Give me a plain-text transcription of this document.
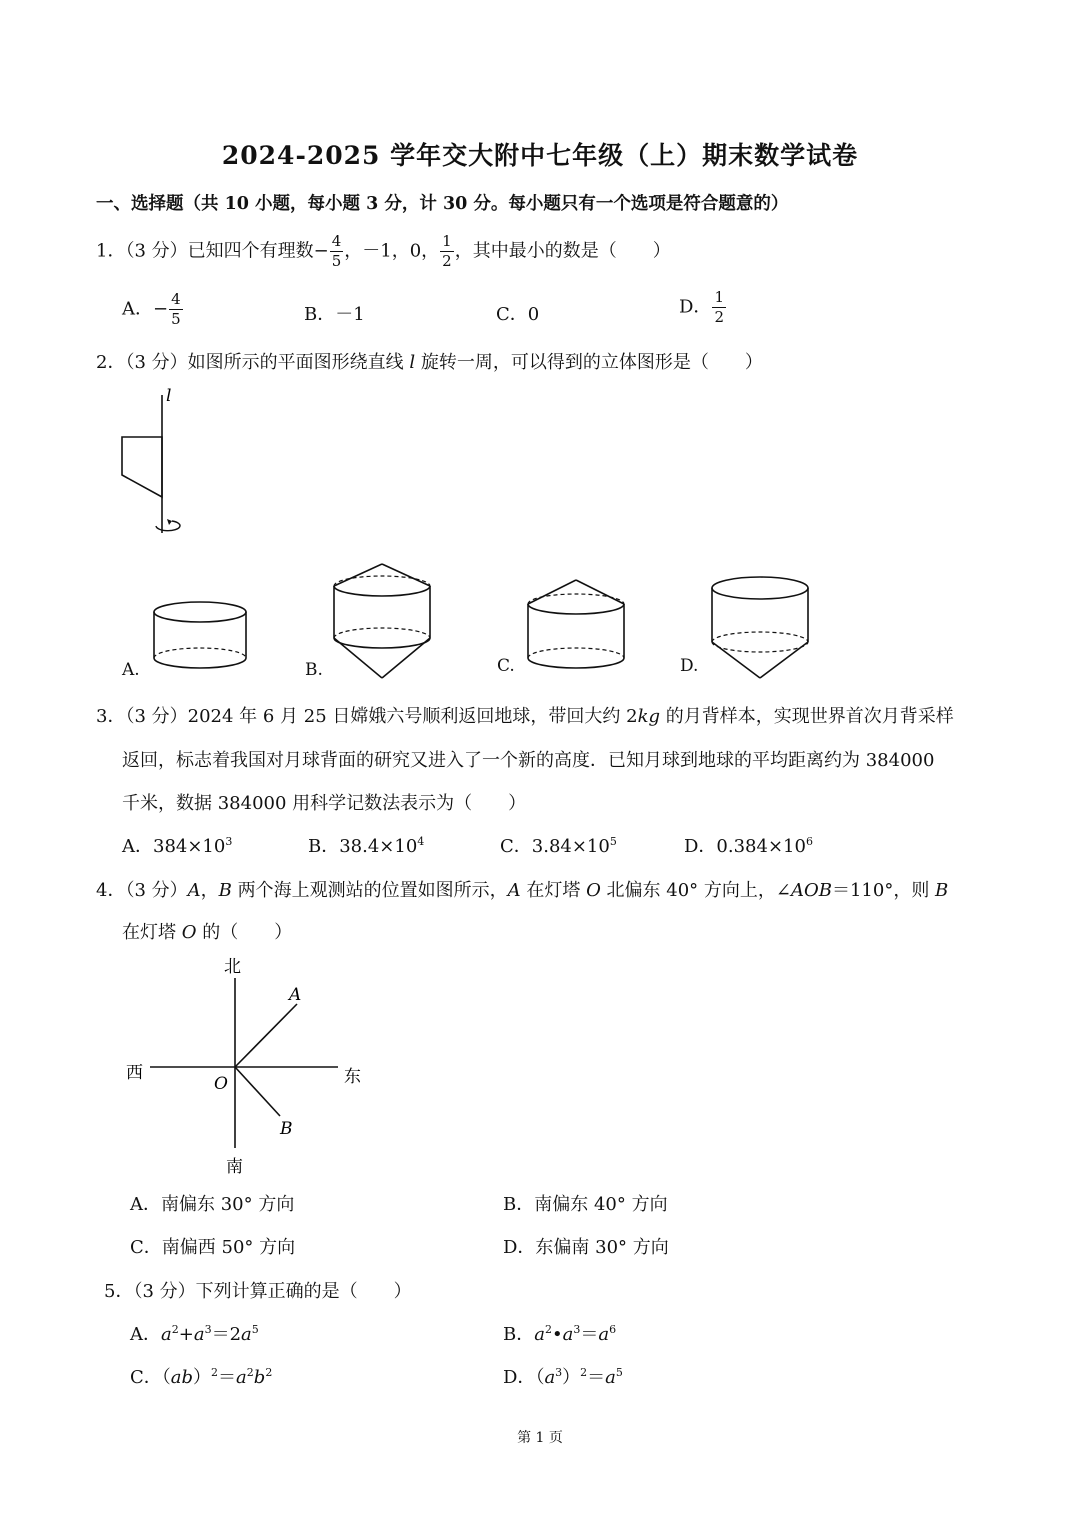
2024-2025 学年交大附中七年级（上）期末数学试卷
一、选择题（共 10 小题，每小题 3 分，计 30 分。每小题只有一个选项是符合题意的）
1．（3 分）已知四个有理数− $\frac{4}{5}$ ，－1，0， $\frac{1}{2}$ ，其中最小的数是（　　）
A．− $\frac{4}{5}$	B．－1	C．0	D． $\frac{1}{2}$
2．（3 分）如图所示的平面图形绕直线 l 旋转一周，可以得到的立体图形是（　　）
l
A.	B.	C.	D.
3．（3 分）2024 年 6 月 25 日嫦娥六号顺利返回地球，带回大约 2kg 的月背样本，实现世界首次月背采样
返回，标志着我国对月球背面的研究又进入了一个新的高度．已知月球到地球的平均距离约为 384000
千米，数据 384000 用科学记数法表示为（　　）
A．$384\times 10^3$	B．$38.4\times 10^4$	C．$3.84\times 10^5$	D．$0.384\times 10^6$
4．（3 分）A，B 两个海上观测站的位置如图所示，A 在灯塔 O 北偏东 40° 方向上，∠AOB＝110°，则 B
在灯塔 O 的（　　）
北
南
西	东
A
B
O
A．南偏东 30° 方向	B．南偏东 40° 方向
C．南偏西 50° 方向	D．东偏南 30° 方向
5．（3 分）下列计算正确的是（　　）
A．$a^2+a^3=2a^5$	B．$a^2•a^3=a^6$
C．$(ab)^2=a^2b^2$	D．$(a^3)^2=a^5$
第 1 页
